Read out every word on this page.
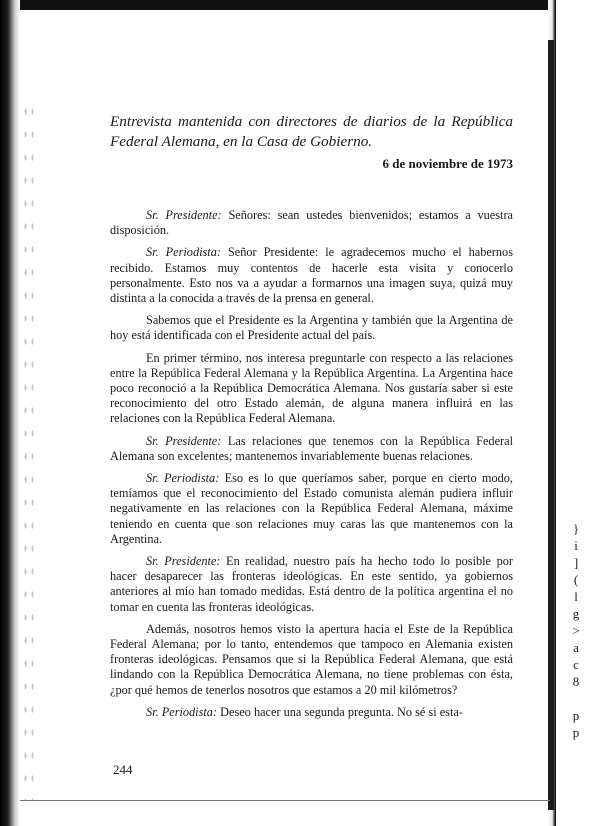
Entrevista mantenida con directores de diarios de la República Federal Alemana, en la Casa de Gobierno.

6 de noviembre de 1973

Sr. Presidente: Señores: sean ustedes bienvenidos; estamos a vuestra disposición.

Sr. Periodista: Señor Presidente: le agradecemos mucho el habernos recibido. Estamos muy contentos de hacerle esta visita y conocerlo personalmente. Esto nos va a ayudar a formarnos una imagen suya, quizá muy distinta a la conocida a través de la prensa en general.

Sabemos que el Presidente es la Argentina y también que la Argentina de hoy está identificada con el Presidente actual del país.

En primer término, nos interesa preguntarle con respecto a las relaciones entre la República Federal Alemana y la República Argentina. La Argentina hace poco reconoció a la República Democrática Alemana. Nos gustaría saber si este reconocimiento del otro Estado alemán, de alguna manera influirá en las relaciones con la República Federal Alemana.

Sr. Presidente: Las relaciones que tenemos con la República Federal Alemana son excelentes; mantenemos invariablemente buenas relaciones.

Sr. Periodista: Eso es lo que queríamos saber, porque en cierto modo, temíamos que el reconocimiento del Estado comunista alemán pudiera influir negativamente en las relaciones con la República Federal Alemana, máxime teniendo en cuenta que son relaciones muy caras las que mantenemos con la Argentina.

Sr. Presidente: En realidad, nuestro país ha hecho todo lo posible por hacer desaparecer las fronteras ideológicas. En este sentido, ya gobiernos anteriores al mío han tomado medidas. Está dentro de la política argentina el no tomar en cuenta las fronteras ideológicas.

Además, nosotros hemos visto la apertura hacia el Este de la República Federal Alemana; por lo tanto, entendemos que tampoco en Alemania existen fronteras ideológicas. Pensamos que si la República Federal Alemana, que está lindando con la República Democrática Alemana, no tiene problemas con ésta, ¿por qué hemos de tenerlos nosotros que estamos a 20 mil kilómetros?

Sr. Periodista: Deseo hacer una segunda pregunta. No sé si esta-

244
}
i
]
(
l
g
>
a
c
8

p
p
